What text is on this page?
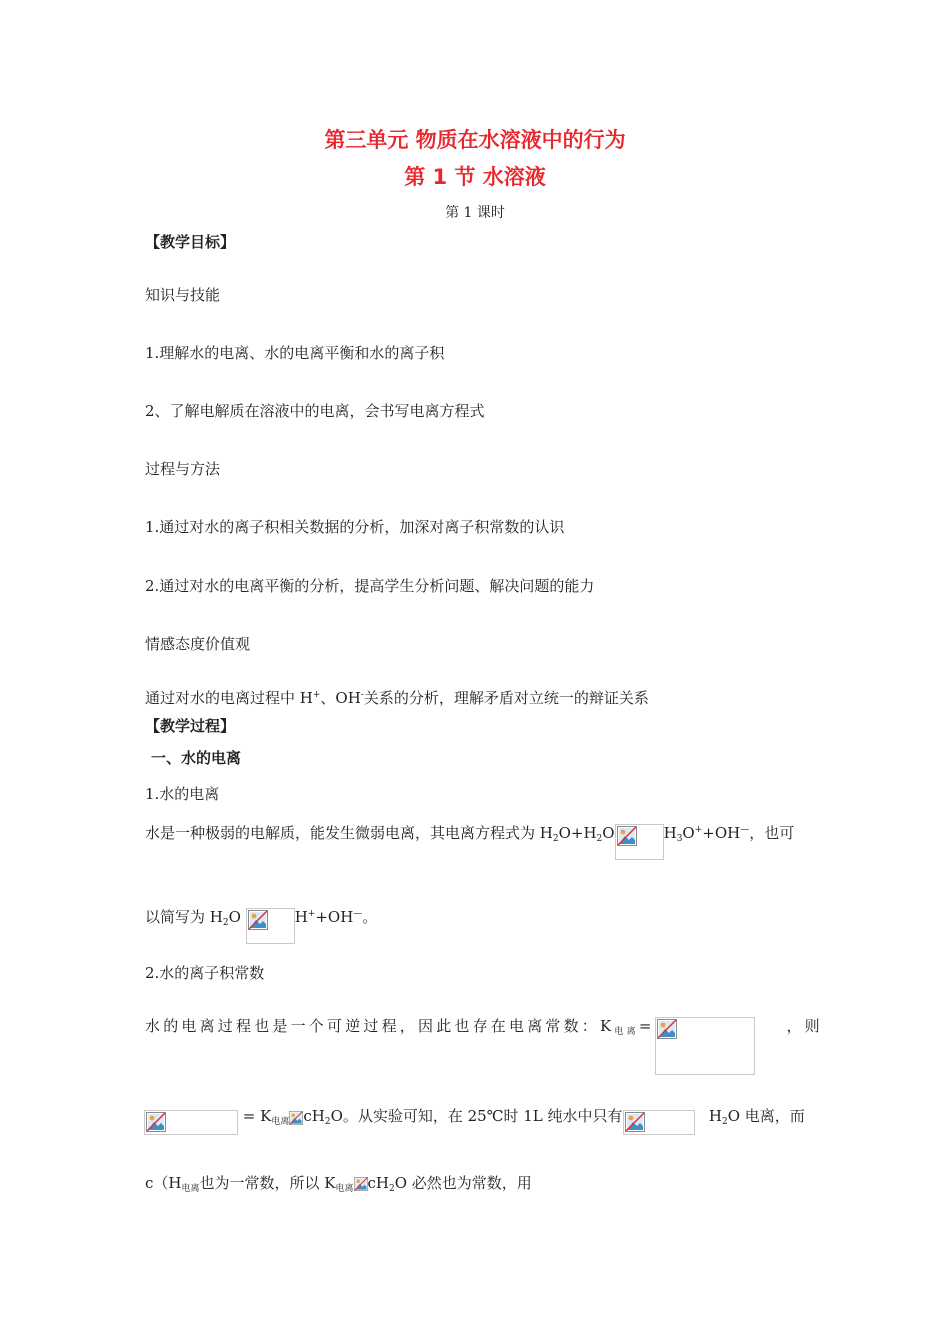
第三单元 物质在水溶液中的行为
第 1 节 水溶液
第 1 课时
【教学目标】
知识与技能
1.理解水的电离、水的电离平衡和水的离子积
2、了解电解质在溶液中的电离，会书写电离方程式
过程与方法
1.通过对水的离子积相关数据的分析，加深对离子积常数的认识
2.通过对水的电离平衡的分析，提高学生分析问题、解决问题的能力
情感态度价值观
通过对水的电离过程中 H+、OH-关系的分析，理解矛盾对立统一的辩证关系
【教学过程】
一、水的电离
1.水的电离
水是一种极弱的电解质，能发生微弱电离，其电离方程式为 $H_2O+H_2O$	$H_3O^++OH^—$，也可
以简写为 $H_2O$	H++OH—。
2.水的离子积常数
水的电离过程也是一个可逆过程，因此也存在电离常数：$K_{电离}=$	，则
= $K_{电离}$ $cH_2O$。从实验可知，在 25℃时 1L 纯水中只有	$H_2O$ 电离，而
$c(H_{电离}$也为一常数，所以 $K_{电离}$ $cH_2O$ 必然也为常数，用
